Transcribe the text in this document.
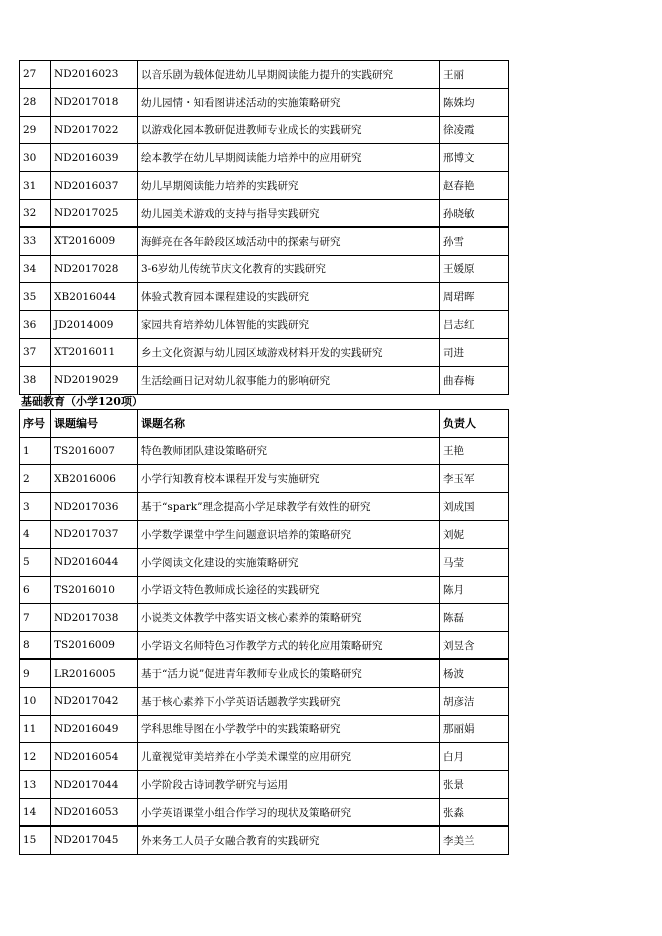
27	ND2016023	以音乐剧为载体促进幼儿早期阅读能力提升的实践研究	王丽
28	ND2017018	幼儿园情・知看图讲述活动的实施策略研究	陈姝均
29	ND2017022	以游戏化园本教研促进教师专业成长的实践研究	徐凌霞
30	ND2016039	绘本教学在幼儿早期阅读能力培养中的应用研究	邢博文
31	ND2016037	幼儿早期阅读能力培养的实践研究	赵春艳
32	ND2017025	幼儿园美术游戏的支持与指导实践研究	孙晓敏
33	XT2016009	海鲜亮在各年龄段区域活动中的探索与研究	孙雪
34	ND2017028	3-6岁幼儿传统节庆文化教育的实践研究	王媛原
35	XB2016044	体验式教育园本课程建设的实践研究	周珺晖
36	JD2014009	家园共育培养幼儿体智能的实践研究	吕志红
37	XT2016011	乡土文化资源与幼儿园区域游戏材料开发的实践研究	司进
38	ND2019029	生活绘画日记对幼儿叙事能力的影响研究	曲春梅
基础教育（小学120项）
序号	课题编号	课题名称	负责人
1	TS2016007	特色教师团队建设策略研究	王艳
2	XB2016006	小学行知教育校本课程开发与实施研究	李玉军
3	ND2017036	基于“spark”理念提高小学足球教学有效性的研究	刘成国
4	ND2017037	小学数学课堂中学生问题意识培养的策略研究	刘妮
5	ND2016044	小学阅读文化建设的实施策略研究	马莹
6	TS2016010	小学语文特色教师成长途径的实践研究	陈月
7	ND2017038	小说类文体教学中落实语文核心素养的策略研究	陈磊
8	TS2016009	小学语文名师特色习作教学方式的转化应用策略研究	刘昱含
9	LR2016005	基于“活力说”促进青年教师专业成长的策略研究	杨波
10	ND2017042	基于核心素养下小学英语话题教学实践研究	胡彦洁
11	ND2016049	学科思维导图在小学教学中的实践策略研究	那丽娟
12	ND2016054	儿童视觉审美培养在小学美术课堂的应用研究	白月
13	ND2017044	小学阶段古诗词教学研究与运用	张景
14	ND2016053	小学英语课堂小组合作学习的现状及策略研究	张淼
15	ND2017045	外来务工人员子女融合教育的实践研究	李美兰
